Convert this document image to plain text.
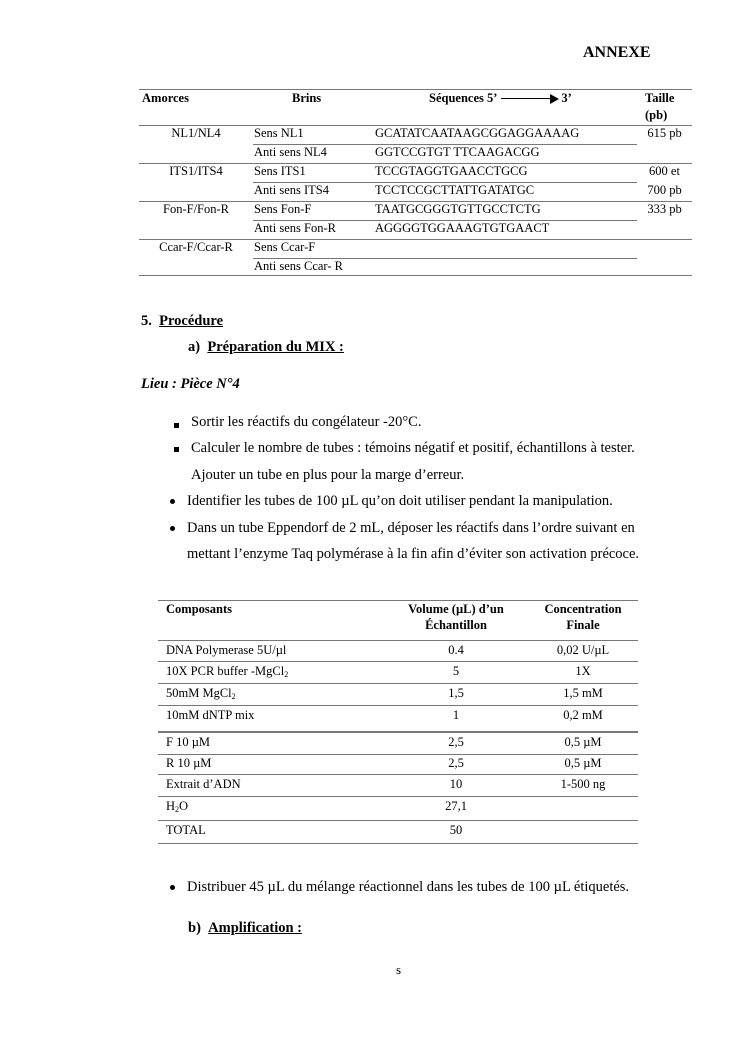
ANNEXE
Amorces	Brins	Séquences 5’	3’	Taille
(pb)
NL1/NL4	Sens NL1	GCATATCAATAAGCGGAGGAAAAG	615 pb
Anti sens NL4	GGTCCGTGT TTCAAGACGG
ITS1/ITS4	Sens ITS1	TCCGTAGGTGAACCTGCG	600 et
Anti sens ITS4	TCCTCCGCTTATTGATATGC	700 pb
Fon-F/Fon-R	Sens Fon-F	TAATGCGGGTGTTGCCTCTG	333 pb
Anti sens Fon-R	AGGGGTGGAAAGTGTGAACT
Ccar-F/Ccar-R	Sens Ccar-F
Anti sens Ccar- R
5. Procédure
a) Préparation du MIX :
Lieu : Pièce N°4
Sortir les réactifs du congélateur -20°C.
Calculer le nombre de tubes : témoins négatif et positif, échantillons à tester.
Ajouter un tube en plus pour la marge d’erreur.
Identifier les tubes de 100 µL qu’on doit utiliser pendant la manipulation.
Dans un tube Eppendorf de 2 mL, déposer les réactifs dans l’ordre suivant en
mettant l’enzyme Taq polymérase à la fin afin d’éviter son activation précoce.
Composants	Volume (µL) d’un
Échantillon
Concentration
Finale
DNA Polymerase 5U/µl	0.4	0,02 U/µL
10X PCR buffer -MgCl$_2$	5	1X
50mM MgCl$_2$	1,5	1,5 mM
10mM dNTP mix	1	0,2 mM
F 10 µM	2,5	0,5 µM
R 10 µM	2,5	0,5 µM
Extrait d’ADN	10	1-500 ng
$H_2O$	27,1
TOTAL	50
Distribuer 45 µL du mélange réactionnel dans les tubes de 100 µL étiquetés.
b) Amplification :
s
